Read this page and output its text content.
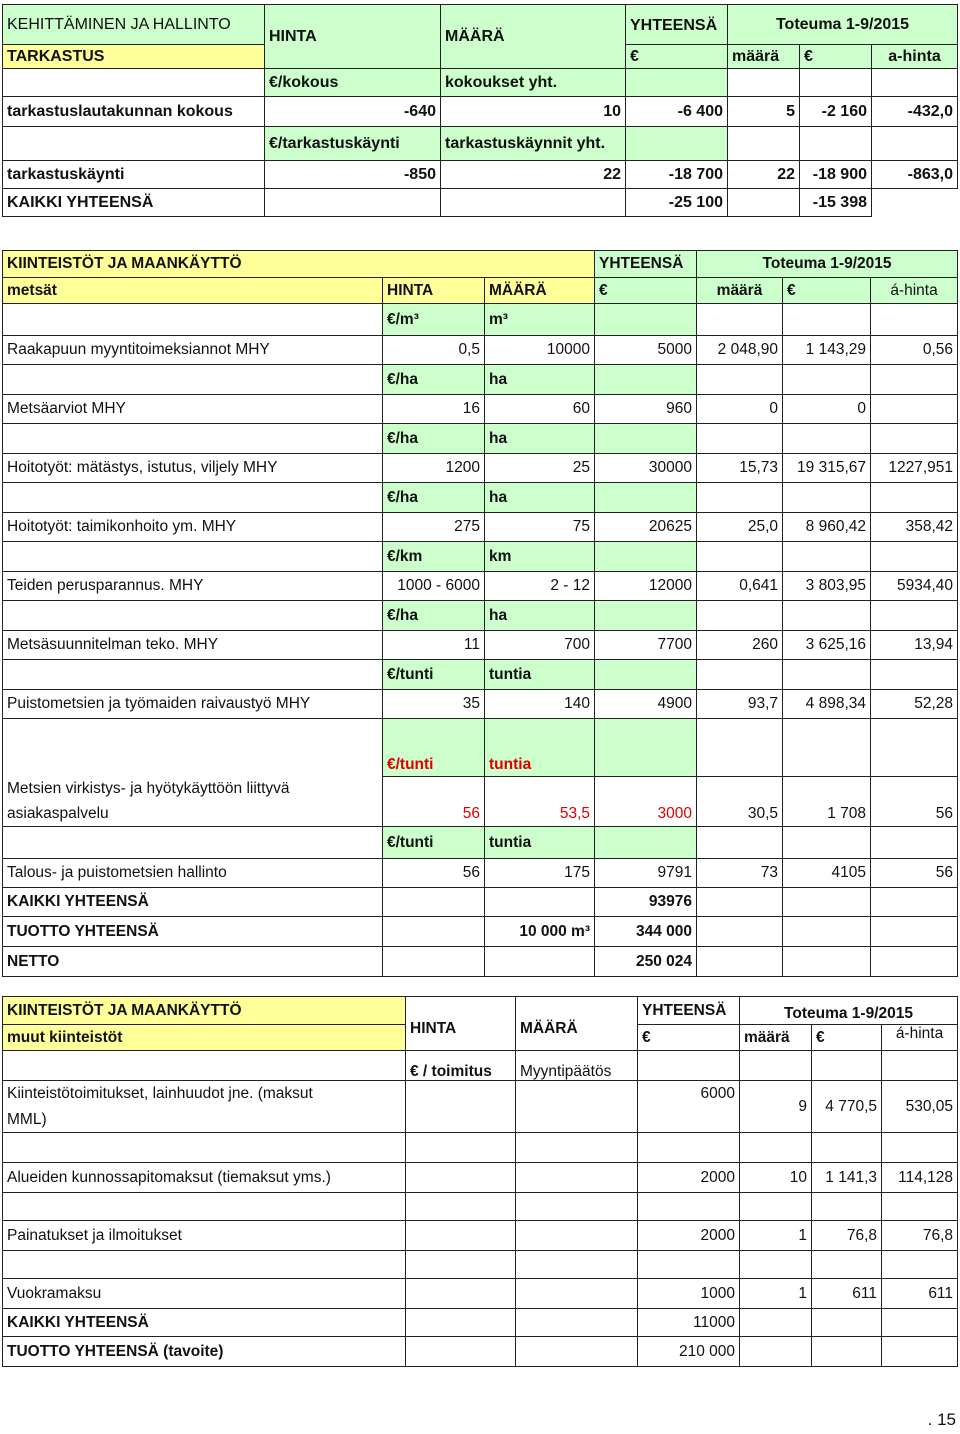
KEHITTÄMINEN JA HALLINTO	HINTA	MÄÄRÄ	YHTEENSÄ	Toteuma 1-9/2015		
TARKASTUS			€	määrä	€	a-hinta
	€/kokous	kokoukset yht.				
tarkastuslautakunnan kokous	-640	10	-6 400	5	-2 160	-432,0
	€/tarkastuskäynti	tarkastuskäynnit yht.				
tarkastuskäynti	-850	22	-18 700	22	-18 900	-863,0
KAIKKI YHTEENSÄ			-25 100		-15 398	
KIINTEISTÖT JA MAANKÄYTTÖ			YHTEENSÄ	Toteuma 1-9/2015		
metsät	HINTA	MÄÄRÄ	€	määrä	€	á-hinta
	€/m³	m³				
Raakapuun myyntitoimeksiannot MHY	0,5	10000	5000	2 048,90	1 143,29	0,56
	€/ha	ha				
Metsäarviot MHY	16	60	960	0	0	
	€/ha	ha				
Hoitotyöt: mätästys, istutus, viljely MHY	1200	25	30000	15,73	19 315,67	1227,951
	€/ha	ha				
Hoitotyöt: taimikonhoito ym. MHY	275	75	20625	25,0	8 960,42	358,42
	€/km	km				
Teiden perusparannus. MHY	1000 - 6000	2 - 12	12000	0,641	3 803,95	5934,40
	€/ha	ha				
Metsäsuunnitelman teko. MHY	11	700	7700	260	3 625,16	13,94
	€/tunti	tuntia				
Puistometsien ja työmaiden raivaustyö MHY	35	140	4900	93,7	4 898,34	52,28
	€/tunti	tuntia				
Metsien virkistys- ja hyötykäyttöön liittyvä	56	53,5	3000	30,5	1 708	56
asiakaspalvelu						
	€/tunti	tuntia				
Talous- ja puistometsien hallinto	56	175	9791	73	4105	56
KAIKKI YHTEENSÄ			93976			
TUOTTO YHTEENSÄ		10 000 m³	344 000			
NETTO			250 024			
KIINTEISTÖT JA MAANKÄYTTÖ	HINTA	MÄÄRÄ	YHTEENSÄ	Toteuma 1-9/2015		
muut kiinteistöt			€	määrä	€	á-hinta
	€ / toimitus	Myyntipäätös				
Kiinteistötoimitukset, lainhuudot jne. (maksut			6000	9	4 770,5	530,05
MML)						

Alueiden kunnossapitomaksut (tiemaksut yms.)			2000	10	1 141,3	114,128

Painatukset ja ilmoitukset			2000	1	76,8	76,8

Vuokramaksu			1000	1	611	611
KAIKKI YHTEENSÄ			11000			
TUOTTO YHTEENSÄ (tavoite)			210 000			
. 15
